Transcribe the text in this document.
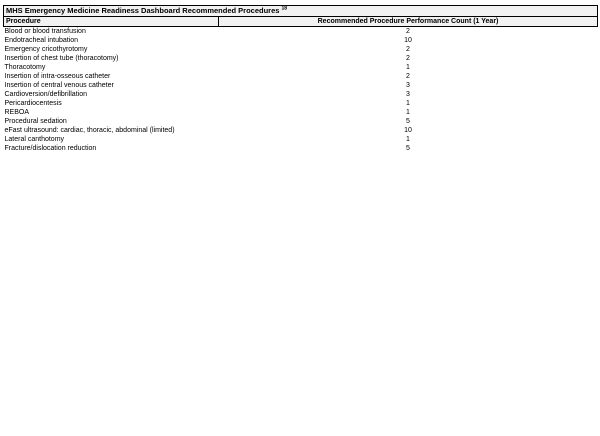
MHS Emergency Medicine Readiness Dashboard Recommended Procedures $^{18}$
Procedure	Recommended Procedure Performance Count (1 Year)
Blood or blood transfusion	2
Endotracheal intubation	10
Emergency cricothyrotomy	2
Insertion of chest tube (thoracotomy)	2
Thoracotomy	1
Insertion of intra-osseous catheter	2
Insertion of central venous catheter	3
Cardioversion/defibrillation	3
Pericardiocentesis	1
REBOA	1
Procedural sedation	5
eFast ultrasound: cardiac, thoracic, abdominal (limited)	10
Lateral canthotomy	1
Fracture/dislocation reduction	5
